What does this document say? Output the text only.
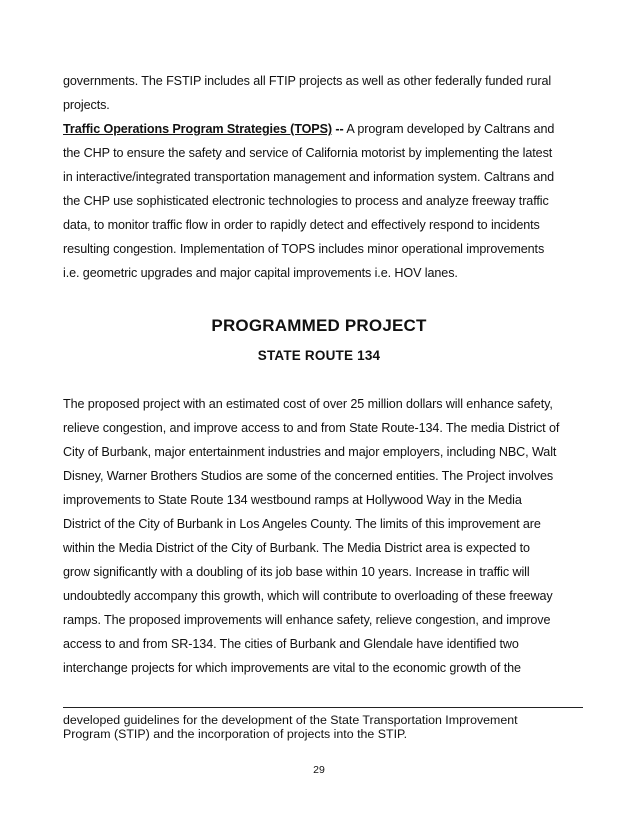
governments. The FSTIP includes all FTIP projects as well as other federally funded rural
projects.
Traffic Operations Program Strategies (TOPS) -- A program developed by Caltrans and
the CHP to ensure the safety and service of California motorist by implementing the latest
in interactive/integrated transportation management and information system. Caltrans and
the CHP use sophisticated electronic technologies to process and analyze freeway traffic
data, to monitor traffic flow in order to rapidly detect and effectively respond to incidents
resulting congestion. Implementation of TOPS includes minor operational improvements
i.e. geometric upgrades and major capital improvements i.e. HOV lanes.
PROGRAMMED PROJECT
STATE ROUTE 134
The proposed project with an estimated cost of over 25 million dollars will enhance safety,
relieve congestion, and improve access to and from State Route-134. The media District of
City of Burbank, major entertainment industries and major employers, including NBC, Walt
Disney, Warner Brothers Studios are some of the concerned entities. The Project involves
improvements to State Route 134 westbound ramps at Hollywood Way in the Media
District of the City of Burbank in Los Angeles County. The limits of this improvement are
within the Media District of the City of Burbank. The Media District area is expected to
grow significantly with a doubling of its job base within 10 years. Increase in traffic will
undoubtedly accompany this growth, which will contribute to overloading of these freeway
ramps. The proposed improvements will enhance safety, relieve congestion, and improve
access to and from SR-134. The cities of Burbank and Glendale have identified two
interchange projects for which improvements are vital to the economic growth of the
developed guidelines for the development of the State Transportation Improvement
Program (STIP) and the incorporation of projects into the STIP.
29
